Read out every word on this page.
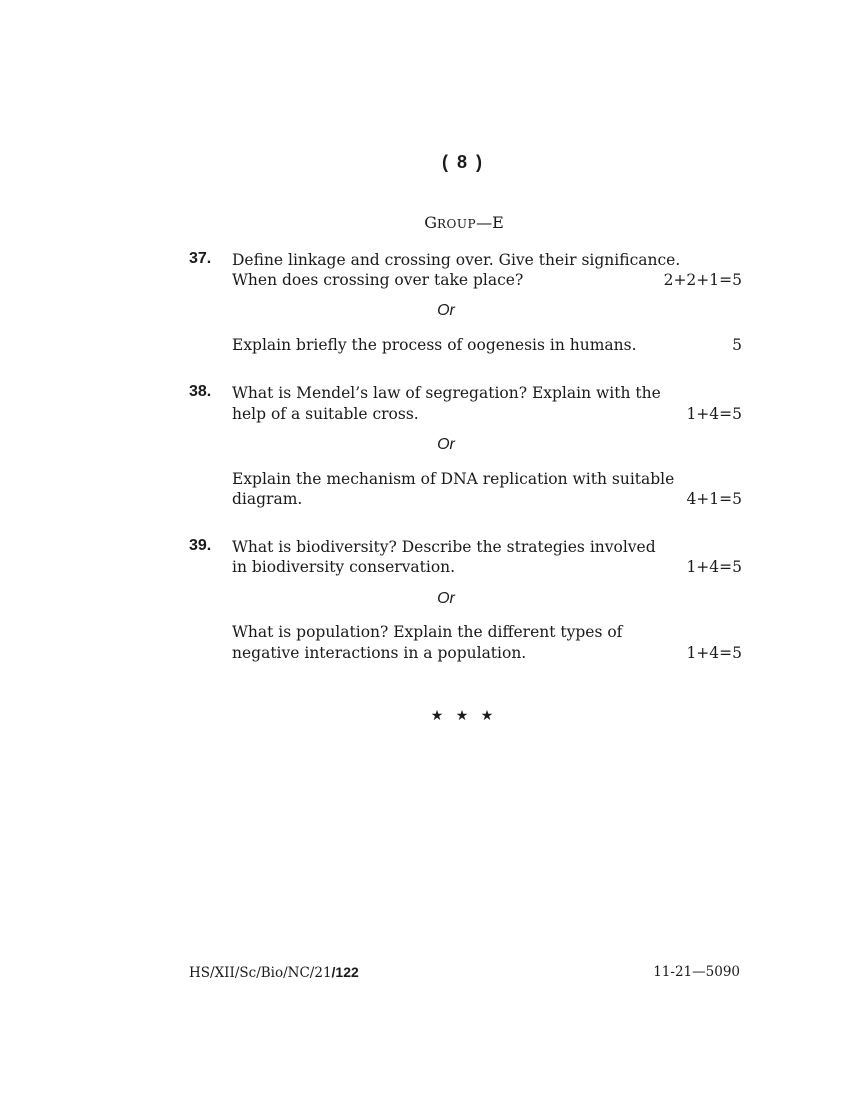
( 8 )
GROUP—E
37. Define linkage and crossing over. Give their significance.
When does crossing over take place?	2+2+1=5
Or
Explain briefly the process of oogenesis in humans.	5
38. What is Mendel’s law of segregation? Explain with the
help of a suitable cross.	1+4=5
Or
Explain the mechanism of DNA replication with suitable
diagram.	4+1=5
39. What is biodiversity? Describe the strategies involved
in biodiversity conservation.	1+4=5
Or
What is population? Explain the different types of
negative interactions in a population.	1+4=5
★ ★ ★
HS/XII/Sc/Bio/NC/21/122	11-21—5090
